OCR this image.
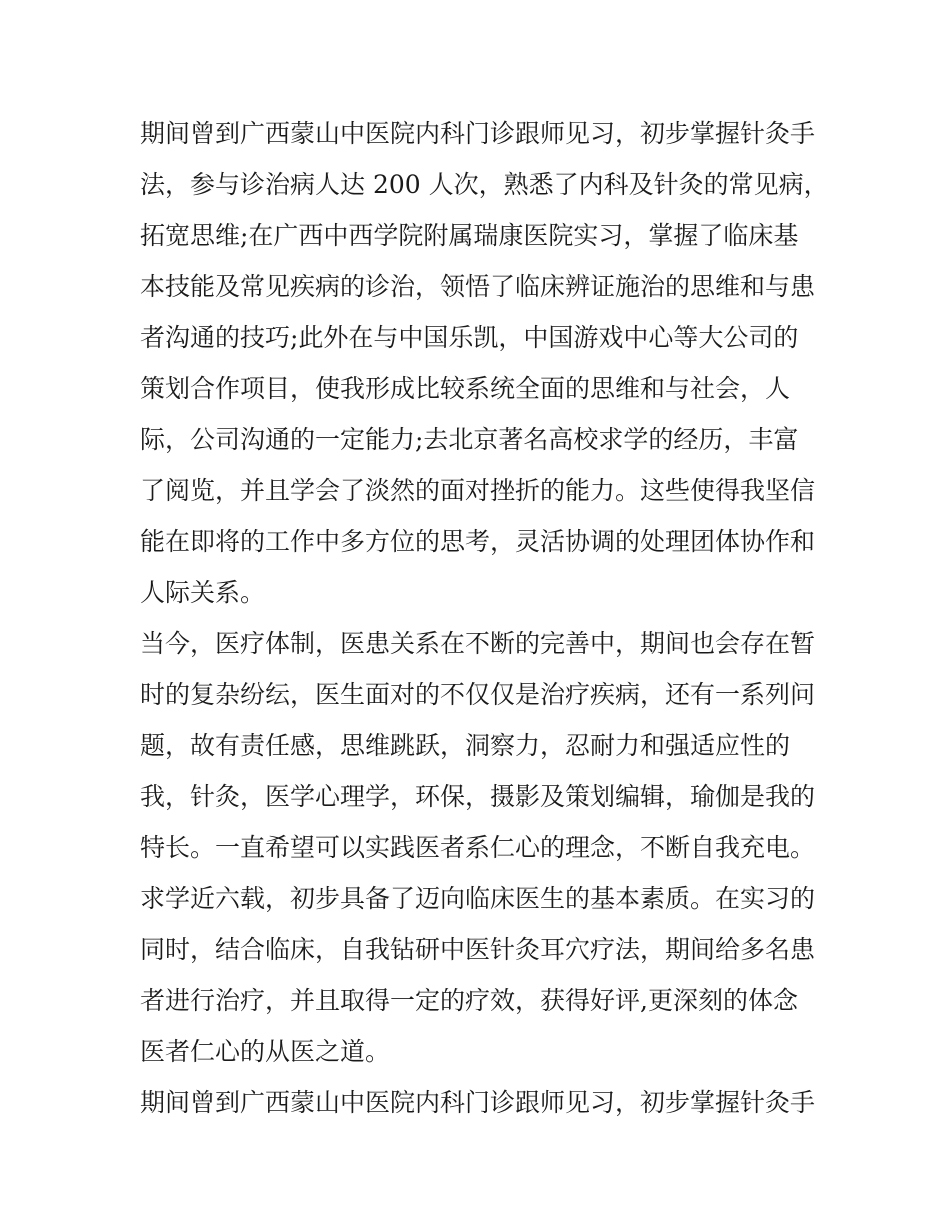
期间曾到广西蒙山中医院内科门诊跟师见习，初步掌握针灸手
法，参与诊治病人达 200 人次，熟悉了内科及针灸的常见病，
拓宽思维;在广西中西学院附属瑞康医院实习，掌握了临床基
本技能及常见疾病的诊治，领悟了临床辨证施治的思维和与患
者沟通的技巧;此外在与中国乐凯，中国游戏中心等大公司的
策划合作项目，使我形成比较系统全面的思维和与社会，人
际，公司沟通的一定能力;去北京著名高校求学的经历，丰富
了阅览，并且学会了淡然的面对挫折的能力。这些使得我坚信
能在即将的工作中多方位的思考，灵活协调的处理团体协作和
人际关系。
当今，医疗体制，医患关系在不断的完善中，期间也会存在暂
时的复杂纷纭，医生面对的不仅仅是治疗疾病，还有一系列问
题，故有责任感，思维跳跃，洞察力，忍耐力和强适应性的
我，针灸，医学心理学，环保，摄影及策划编辑，瑜伽是我的
特长。一直希望可以实践医者系仁心的理念，不断自我充电。
求学近六载，初步具备了迈向临床医生的基本素质。在实习的
同时，结合临床，自我钻研中医针灸耳穴疗法，期间给多名患
者进行治疗，并且取得一定的疗效，获得好评,更深刻的体念
医者仁心的从医之道。
期间曾到广西蒙山中医院内科门诊跟师见习，初步掌握针灸手
